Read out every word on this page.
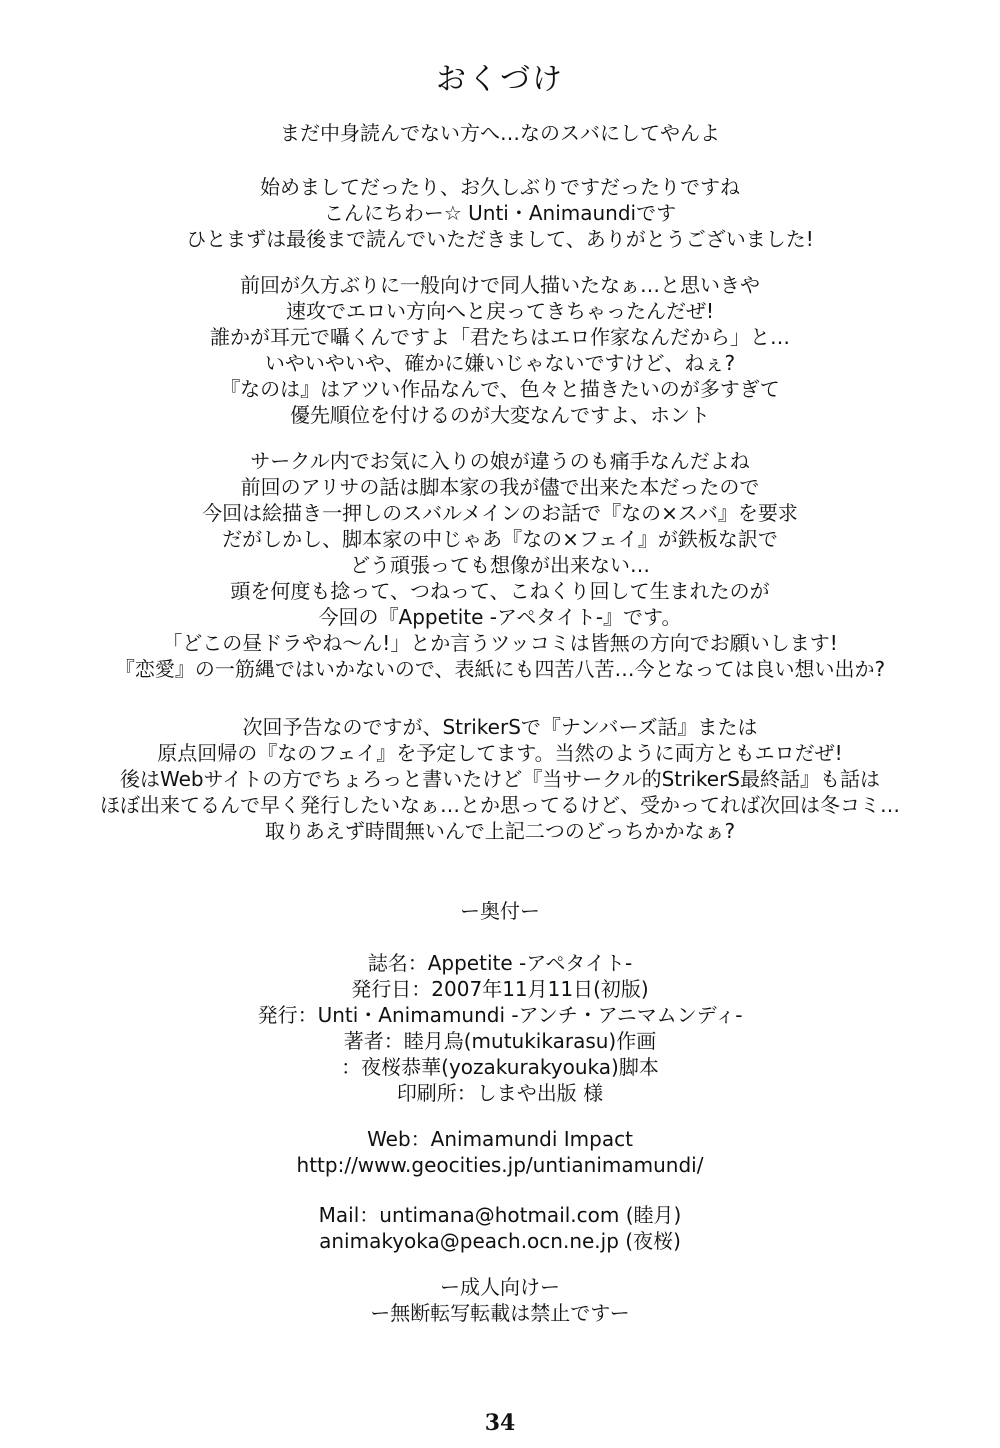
おくづけ
まだ中身読んでない方へ…なのスバにしてやんよ
始めましてだったり、お久しぶりですだったりですね
こんにちわー☆ Unti・Animaundiです
ひとまずは最後まで読んでいただきまして、ありがとうございました!
前回が久方ぶりに一般向けで同人描いたなぁ…と思いきや
速攻でエロい方向へと戻ってきちゃったんだぜ!
誰かが耳元で囁くんですよ「君たちはエロ作家なんだから」と…
いやいやいや、確かに嫌いじゃないですけど、ねぇ?
『なのは』はアツい作品なんで、色々と描きたいのが多すぎて
優先順位を付けるのが大変なんですよ、ホント
サークル内でお気に入りの娘が違うのも痛手なんだよね
前回のアリサの話は脚本家の我が儘で出来た本だったので
今回は絵描き一押しのスバルメインのお話で『なの×スバ』を要求
だがしかし、脚本家の中じゃあ『なの×フェイ』が鉄板な訳で
どう頑張っても想像が出来ない…
頭を何度も捻って、つねって、こねくり回して生まれたのが
今回の『Appetite -アペタイト-』です。
「どこの昼ドラやね～ん!」とか言うツッコミは皆無の方向でお願いします!
『恋愛』の一筋縄ではいかないので、表紙にも四苦八苦…今となっては良い想い出か?
次回予告なのですが、StrikerSで『ナンバーズ話』または
原点回帰の『なのフェイ』を予定してます。当然のように両方ともエロだぜ!
後はWebサイトの方でちょろっと書いたけど『当サークル的StrikerS最終話』も話は
ほぼ出来てるんで早く発行したいなぁ…とか思ってるけど、受かってれば次回は冬コミ…
取りあえず時間無いんで上記二つのどっちかかなぁ?
ー奥付ー
誌名：Appetite -アペタイト-
発行日：2007年11月11日(初版)
発行：Unti・Animamundi -アンチ・アニマムンディ-
著者：睦月烏(mutukikarasu)作画
：夜桜恭華(yozakurakyouka)脚本
印刷所：しまや出版 様
Web：Animamundi Impact
http://www.geocities.jp/untianimamundi/
Mail：untimana@hotmail.com (睦月)
animakyoka@peach.ocn.ne.jp (夜桜)
ー成人向けー
ー無断転写転載は禁止ですー
34
